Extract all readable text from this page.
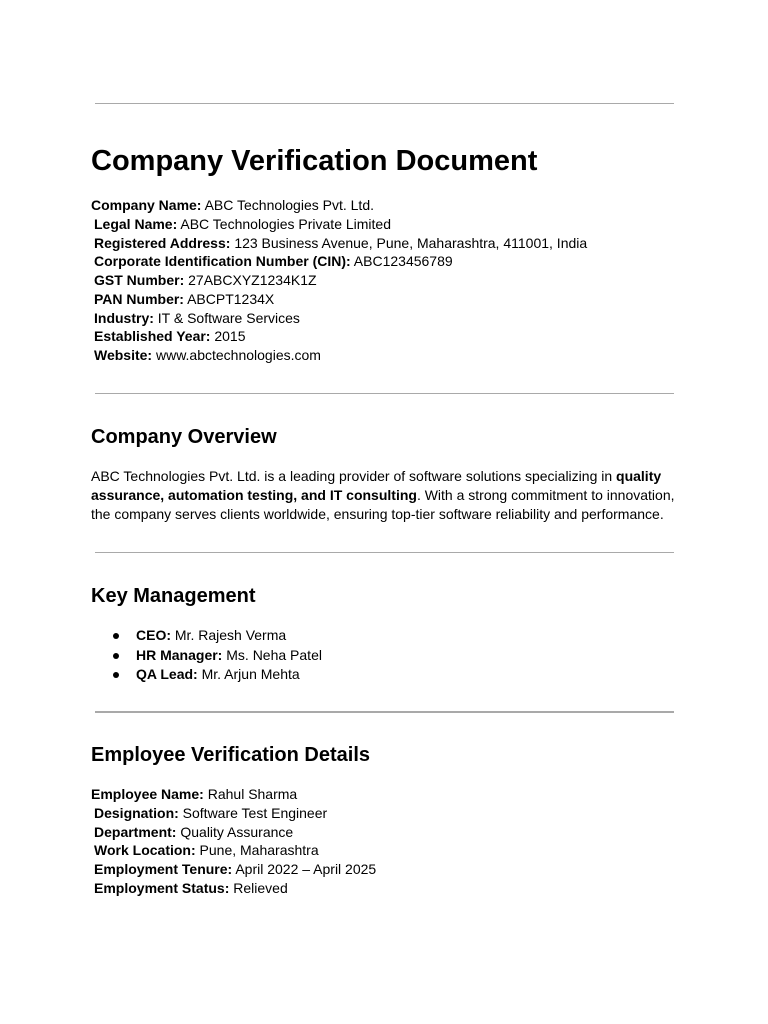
Company Verification Document
Company Name: ABC Technologies Pvt. Ltd.
Legal Name: ABC Technologies Private Limited
Registered Address: 123 Business Avenue, Pune, Maharashtra, 411001, India
Corporate Identification Number (CIN): ABC123456789
GST Number: 27ABCXYZ1234K1Z
PAN Number: ABCPT1234X
Industry: IT & Software Services
Established Year: 2015
Website: www.abctechnologies.com
Company Overview

ABC Technologies Pvt. Ltd. is a leading provider of software solutions specializing in quality assurance, automation testing, and IT consulting. With a strong commitment to innovation, the company serves clients worldwide, ensuring top-tier software reliability and performance.

Key Management
CEO: Mr. Rajesh Verma
HR Manager: Ms. Neha Patel
QA Lead: Mr. Arjun Mehta
Employee Verification Details
Employee Name: Rahul Sharma
Designation: Software Test Engineer
Department: Quality Assurance
Work Location: Pune, Maharashtra
Employment Tenure: April 2022 – April 2025
Employment Status: Relieved
